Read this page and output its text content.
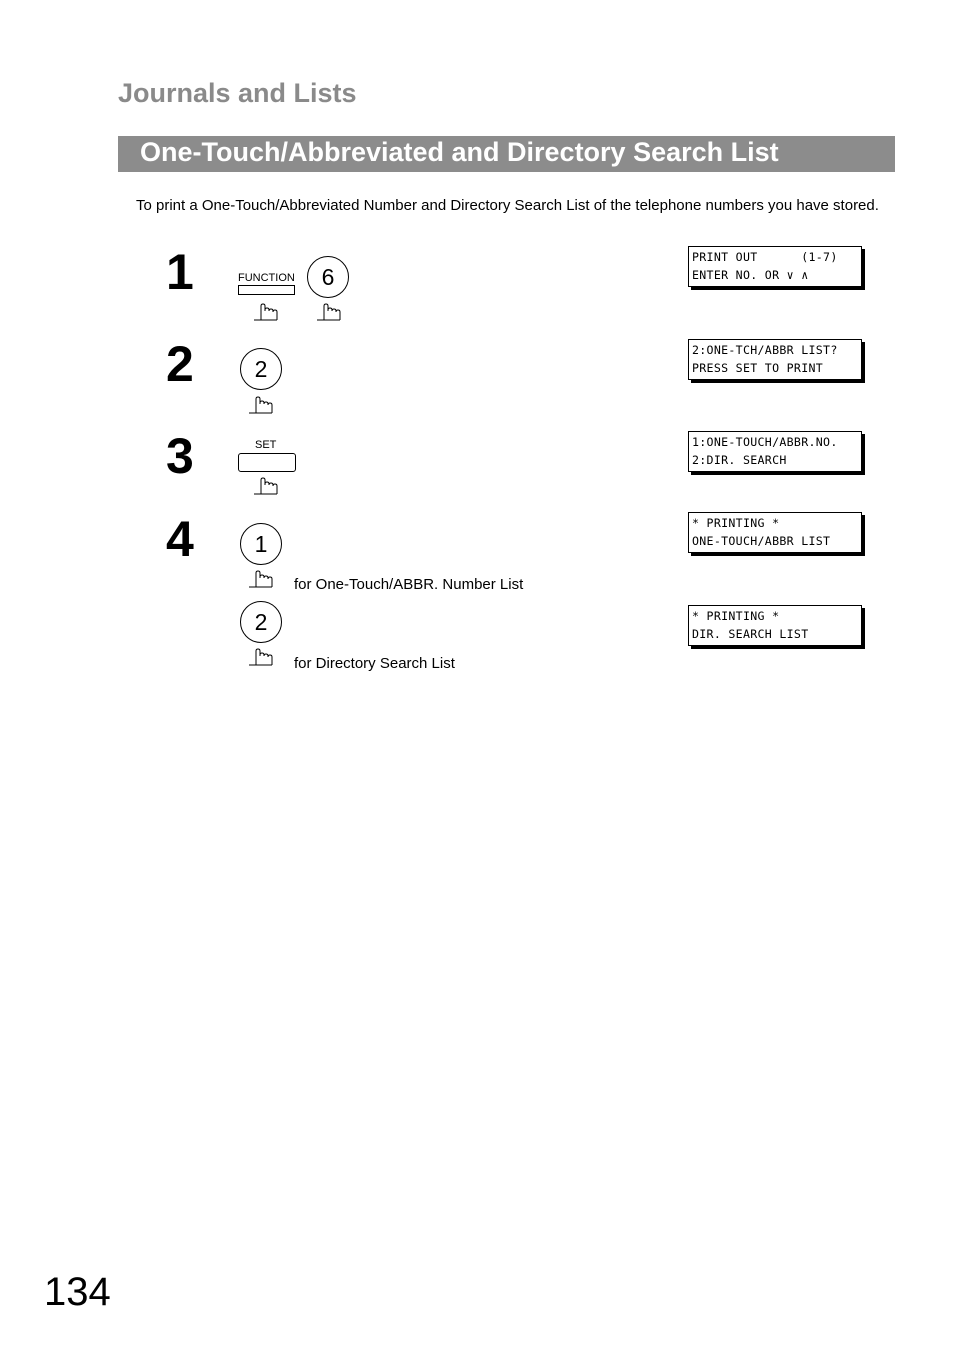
Journals and Lists
One-Touch/Abbreviated and Directory Search List
To print a One-Touch/Abbreviated Number and Directory Search List of the telephone numbers you have stored.
1	FUNCTION	6
PRINT OUT      (1-7)
ENTER NO. OR ∨ ∧
2	2
2:ONE-TCH/ABBR LIST?
PRESS SET TO PRINT
3	SET	1:ONE-TOUCH/ABBR.NO.
2:DIR. SEARCH
4	1
for One-Touch/ABBR. Number List
* PRINTING *
ONE-TOUCH/ABBR LIST
2
for Directory Search List
* PRINTING *
DIR. SEARCH LIST
134
